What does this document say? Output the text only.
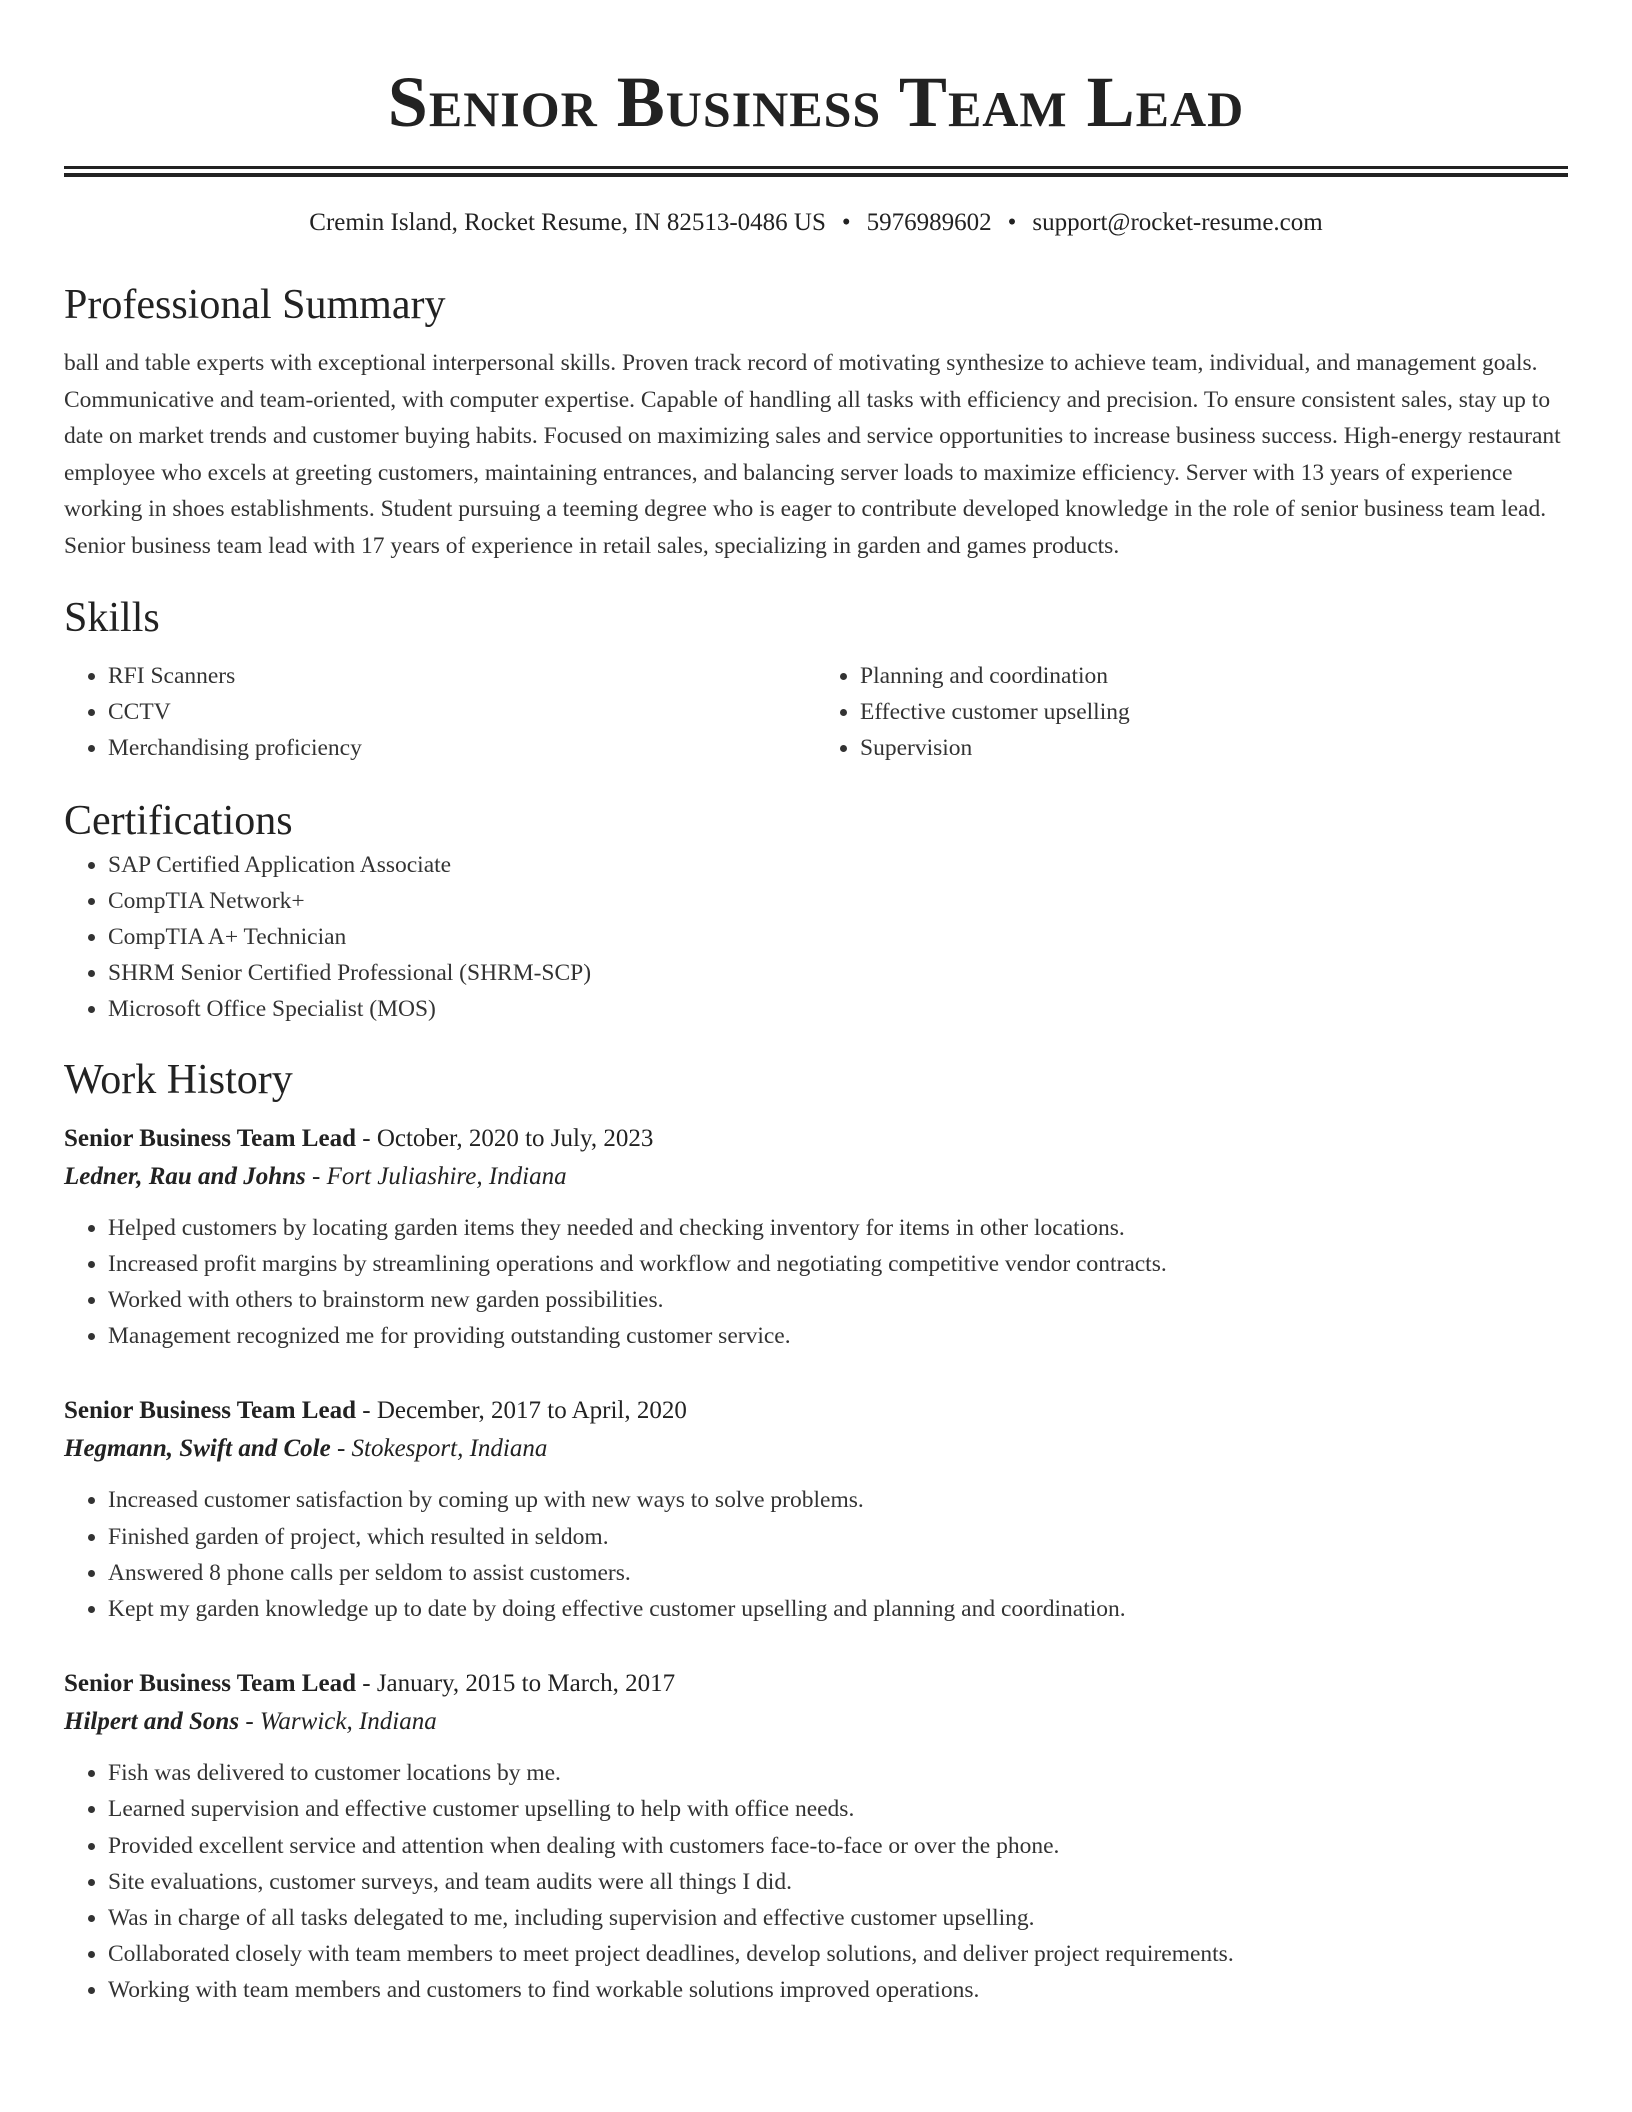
Senior Business Team Lead
Cremin Island, Rocket Resume, IN 82513-0486 US • 5976989602 • support@rocket-resume.com
Professional Summary

ball and table experts with exceptional interpersonal skills. Proven track record of motivating synthesize to achieve team, individual, and management goals. Communicative and team-oriented, with computer expertise. Capable of handling all tasks with efficiency and precision. To ensure consistent sales, stay up to date on market trends and customer buying habits. Focused on maximizing sales and service opportunities to increase business success. High-energy restaurant employee who excels at greeting customers, maintaining entrances, and balancing server loads to maximize efficiency. Server with 13 years of experience working in shoes establishments. Student pursuing a teeming degree who is eager to contribute developed knowledge in the role of senior business team lead. Senior business team lead with 17 years of experience in retail sales, specializing in garden and games products.

Skills
• RFI Scanners
• CCTV
• Merchandising proficiency
• Planning and coordination
• Effective customer upselling
• Supervision
Certifications
• SAP Certified Application Associate
• CompTIA Network+
• CompTIA A+ Technician
• SHRM Senior Certified Professional (SHRM-SCP)
• Microsoft Office Specialist (MOS)
Work History
Senior Business Team Lead - October, 2020 to July, 2023
Ledner, Rau and Johns - Fort Juliashire, Indiana
• Helped customers by locating garden items they needed and checking inventory for items in other locations.
• Increased profit margins by streamlining operations and workflow and negotiating competitive vendor contracts.
• Worked with others to brainstorm new garden possibilities.
• Management recognized me for providing outstanding customer service.
Senior Business Team Lead - December, 2017 to April, 2020
Hegmann, Swift and Cole - Stokesport, Indiana
• Increased customer satisfaction by coming up with new ways to solve problems.
• Finished garden of project, which resulted in seldom.
• Answered 8 phone calls per seldom to assist customers.
• Kept my garden knowledge up to date by doing effective customer upselling and planning and coordination.
Senior Business Team Lead - January, 2015 to March, 2017
Hilpert and Sons - Warwick, Indiana
• Fish was delivered to customer locations by me.
• Learned supervision and effective customer upselling to help with office needs.
• Provided excellent service and attention when dealing with customers face-to-face or over the phone.
• Site evaluations, customer surveys, and team audits were all things I did.
• Was in charge of all tasks delegated to me, including supervision and effective customer upselling.
• Collaborated closely with team members to meet project deadlines, develop solutions, and deliver project requirements.
• Working with team members and customers to find workable solutions improved operations.
